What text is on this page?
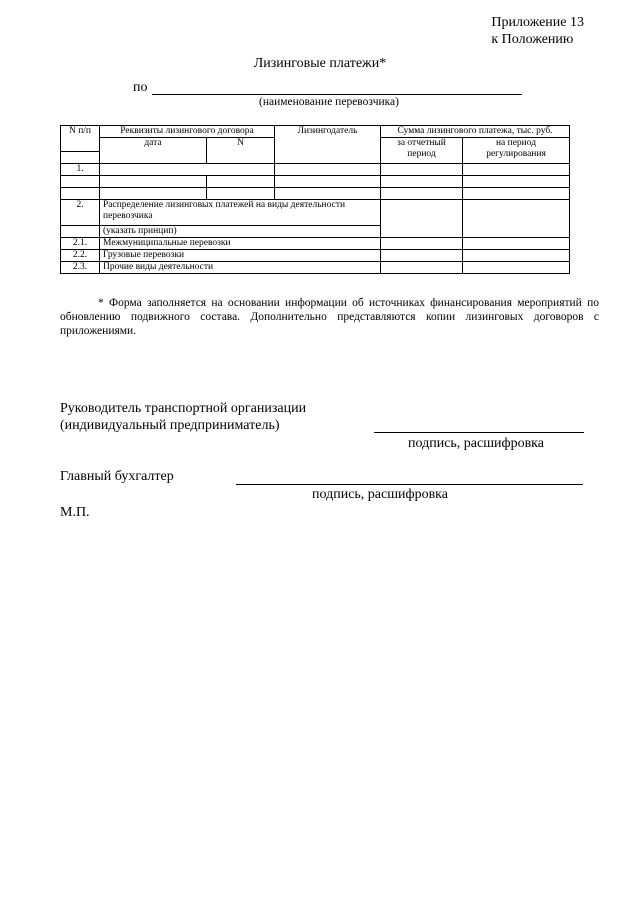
Приложение 13
к Положению
Лизинговые платежи*
по
(наименование перевозчика)
N п/п	Реквизиты лизингового договора		Лизингодатель	Сумма лизингового платежа, тыс. руб.	
	дата	N		за отчетный период	на период регулирования

1.					

2.	Распределение лизинговых платежей на виды деятельности перевозчика				
	(указать принцип)				
2.1.	Межмуниципальные перевозки				
2.2.	Грузовые перевозки				
2.3.	Прочие виды деятельности				
* Форма заполняется на основании информации об источниках финансирования мероприятий по обновлению подвижного состава. Дополнительно представляются копии лизинговых договоров с приложениями.
Руководитель транспортной организации
(индивидуальный предприниматель)
подпись, расшифровка
Главный бухгалтер
подпись, расшифровка
М.П.
